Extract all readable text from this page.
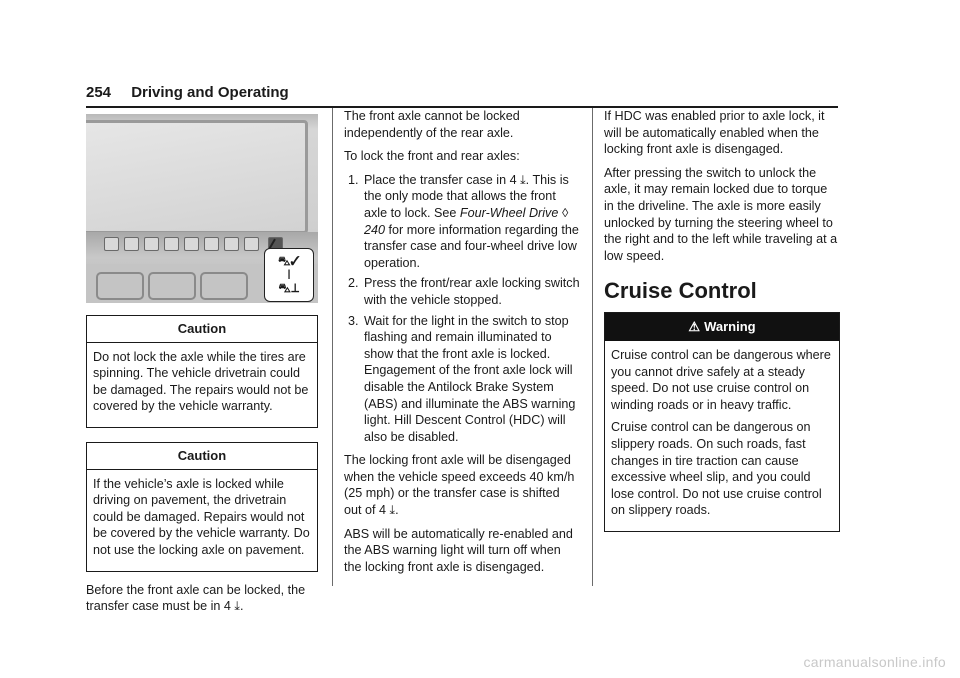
254 Driving and Operating
⛍✓
|
⛍⊥
Caution

Do not lock the axle while the tires are spinning. The vehicle drivetrain could be damaged. The repairs would not be covered by the vehicle warranty.

Caution

If the vehicle’s axle is locked while driving on pavement, the drivetrain could be damaged. Repairs would not be covered by the vehicle warranty. Do not use the locking axle on pavement.

Before the front axle can be locked, the transfer case must be in 4 ⤓.

The front axle cannot be locked independently of the rear axle.

To lock the front and rear axles:

1. Place the transfer case in 4 ⤓. This is the only mode that allows the front axle to lock. See Four-Wheel Drive ◊ 240 for more information regarding the transfer case and four-wheel drive low operation.
2. Press the front/rear axle locking switch with the vehicle stopped.
3. Wait for the light in the switch to stop flashing and remain illuminated to show that the front axle is locked. Engagement of the front axle lock will disable the Antilock Brake System (ABS) and illuminate the ABS warning light. Hill Descent Control (HDC) will also be disabled.

The locking front axle will be disengaged when the vehicle speed exceeds 40 km/h (25 mph) or the transfer case is shifted out of 4 ⤓.

ABS will be automatically re-enabled and the ABS warning light will turn off when the locking front axle is disengaged.

If HDC was enabled prior to axle lock, it will be automatically enabled when the locking front axle is disengaged.

After pressing the switch to unlock the axle, it may remain locked due to torque in the driveline. The axle is more easily unlocked by turning the steering wheel to the right and to the left while traveling at a low speed.

Cruise Control
⚠ Warning

Cruise control can be dangerous where you cannot drive safely at a steady speed. Do not use cruise control on winding roads or in heavy traffic.

Cruise control can be dangerous on slippery roads. On such roads, fast changes in tire traction can cause excessive wheel slip, and you could lose control. Do not use cruise control on slippery roads.

carmanualsonline.info
